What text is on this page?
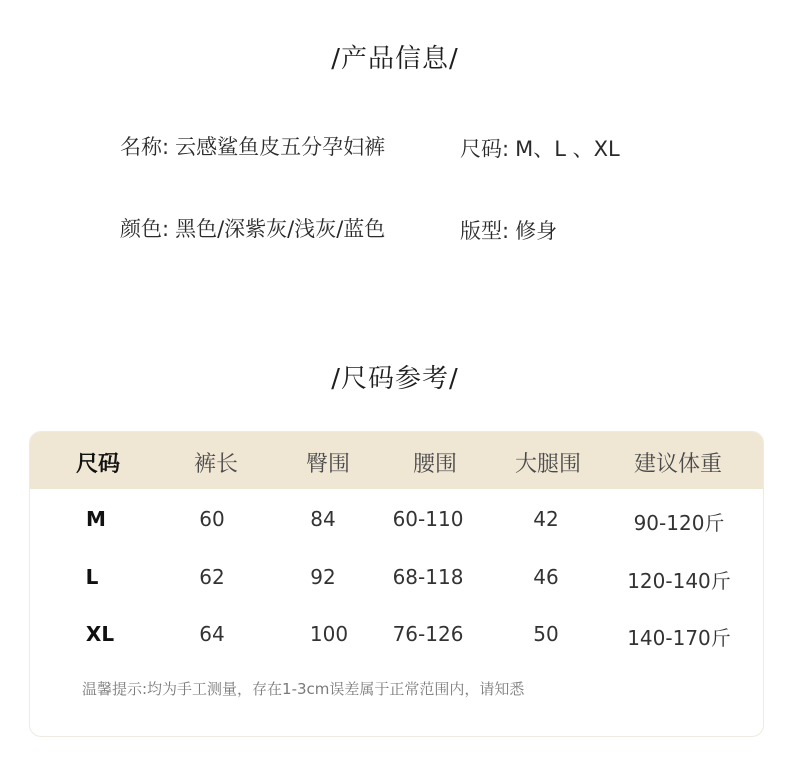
/产品信息/
名称: 云感鲨鱼皮五分孕妇裤	尺码: M、L 、XL
颜色: 黑色/深紫灰/浅灰/蓝色	版型: 修身
/尺码参考/
尺码	裤长	臀围	腰围	大腿围	建议体重
M	60	84	60-110	42	90-120斤
L	62	92	68-118	46	120-140斤
XL	64	100	76-126	50	140-170斤
温馨提示:均为手工测量，存在1-3cm误差属于正常范围内，请知悉
